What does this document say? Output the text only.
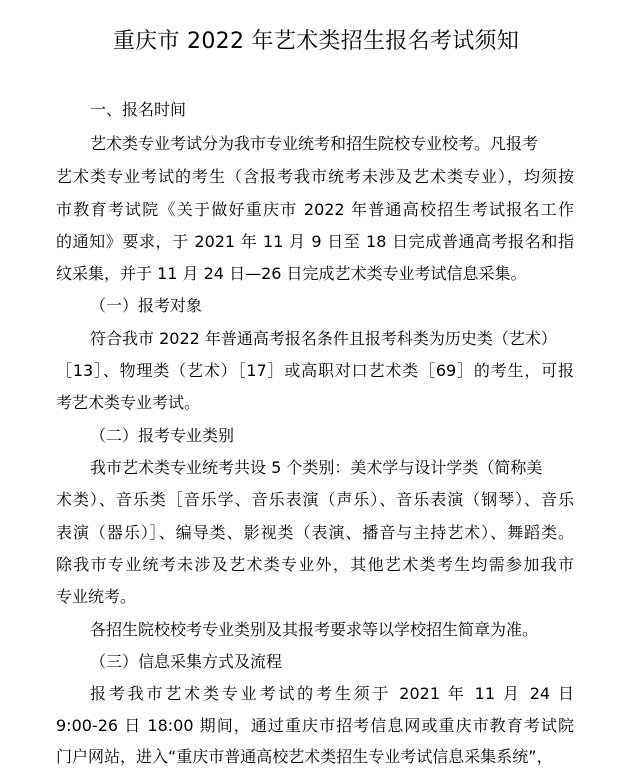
重庆市 2022 年艺术类招生报名考试须知
一、报名时间
艺术类专业考试分为我市专业统考和招生院校专业校考。凡报考
艺术类专业考试的考生（含报考我市统考未涉及艺术类专业），均须按
市教育考试院《关于做好重庆市 2022 年普通高校招生考试报名工作
的通知》要求，于 2021 年 11 月 9 日至 18 日完成普通高考报名和指
纹采集，并于 11 月 24 日—26 日完成艺术类专业考试信息采集。
（一）报考对象
符合我市 2022 年普通高考报名条件且报考科类为历史类（艺术）
［13］、物理类（艺术）［17］或高职对口艺术类［69］的考生，可报
考艺术类专业考试。
（二）报考专业类别
我市艺术类专业统考共设 5 个类别：美术学与设计学类（简称美
术类）、音乐类［音乐学、音乐表演（声乐）、音乐表演（钢琴）、音乐
表演（器乐）］、编导类、影视类（表演、播音与主持艺术）、舞蹈类。
除我市专业统考未涉及艺术类专业外，其他艺术类考生均需参加我市
专业统考。
各招生院校校考专业类别及其报考要求等以学校招生简章为准。
（三）信息采集方式及流程
报考我市艺术类专业考试的考生须于 2021 年 11 月 24 日
9:00-26 日 18:00 期间，通过重庆市招考信息网或重庆市教育考试院
门户网站，进入“重庆市普通高校艺术类招生专业考试信息采集系统”，
